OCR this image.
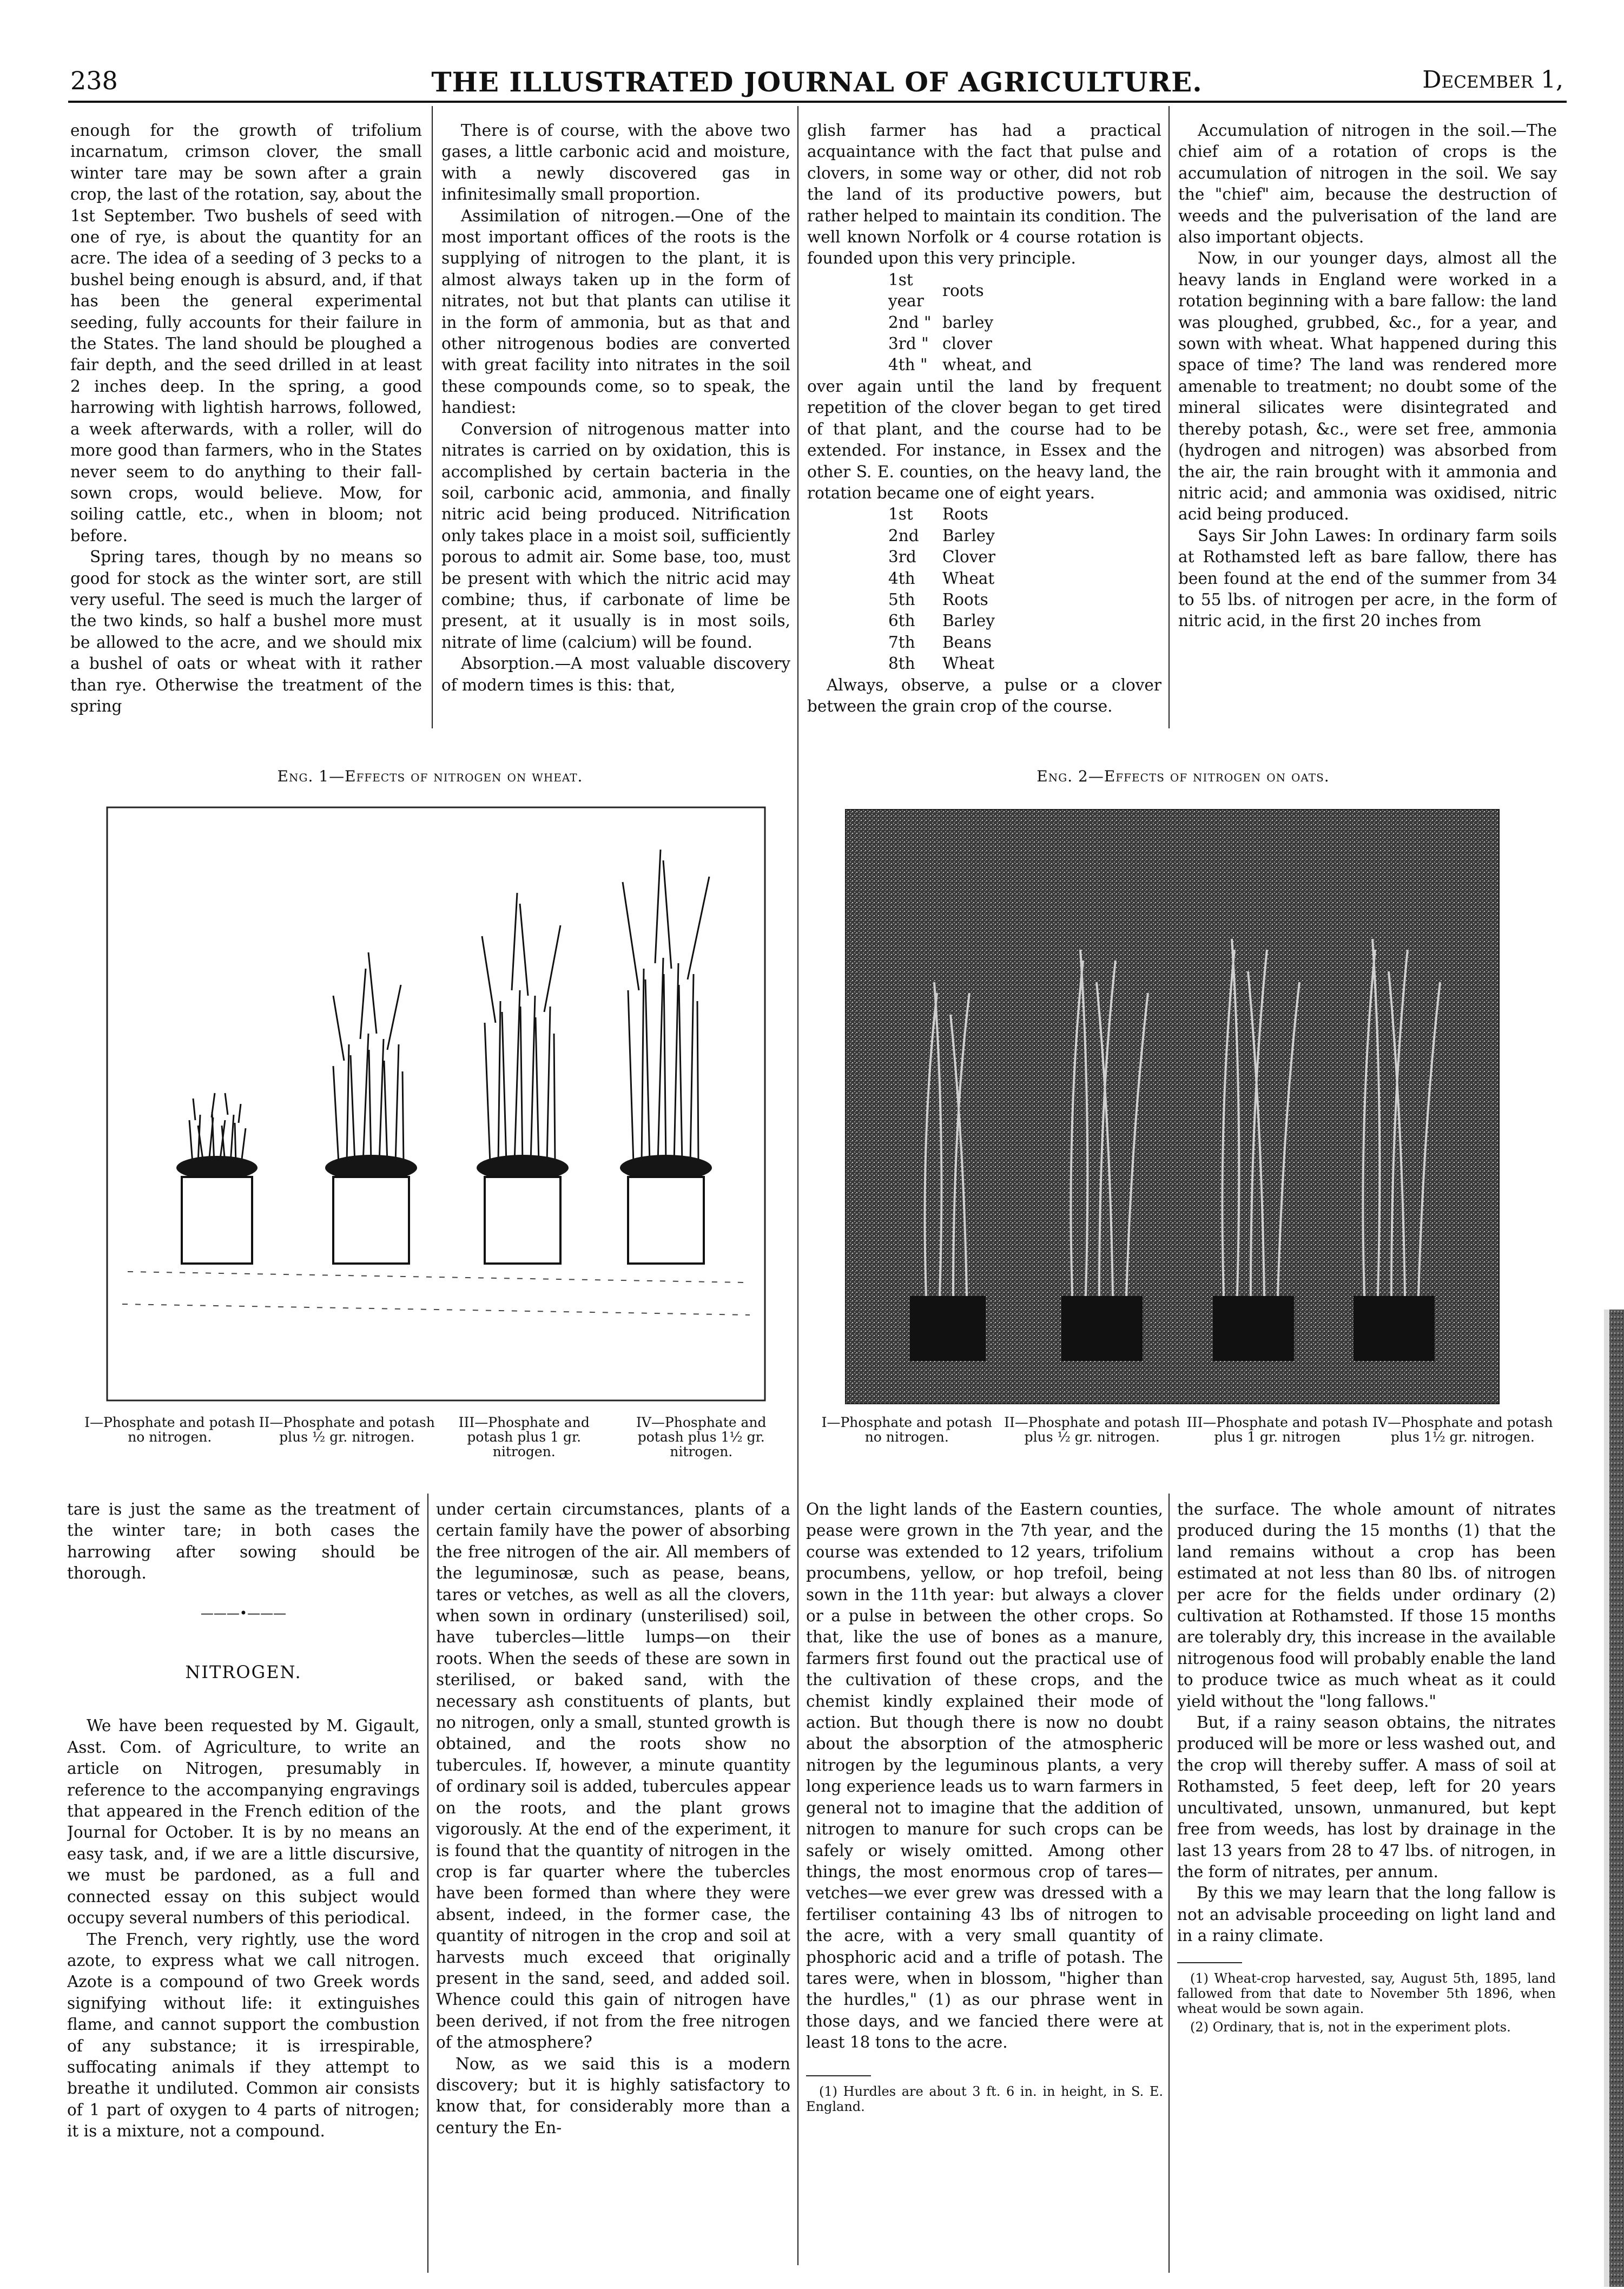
238	THE ILLUSTRATED JOURNAL OF AGRICULTURE.	December 1,

enough for the growth of trifolium incarnatum, crimson clover, the small winter tare may be sown after a grain crop, the last of the rotation, say, about the 1st September. Two bushels of seed with one of rye, is about the quantity for an acre. The idea of a seeding of 3 pecks to a bushel being enough is absurd, and, if that has been the general experimental seeding, fully accounts for their failure in the States. The land should be ploughed a fair depth, and the seed drilled in at least 2 inches deep. In the spring, a good harrowing with lightish harrows, followed, a week afterwards, with a roller, will do more good than farmers, who in the States never seem to do anything to their fall-sown crops, would believe. Mow, for soiling cattle, etc., when in bloom; not before.

Spring tares, though by no means so good for stock as the winter sort, are still very useful. The seed is much the larger of the two kinds, so half a bushel more must be allowed to the acre, and we should mix a bushel of oats or wheat with it rather than rye. Otherwise the treatment of the spring

There is of course, with the above two gases, a little carbonic acid and moisture, with a newly discovered gas in infinitesimally small proportion.

Assimilation of nitrogen.—One of the most important offices of the roots is the supplying of nitrogen to the plant, it is almost always taken up in the form of nitrates, not but that plants can utilise it in the form of ammonia, but as that and other nitrogenous bodies are converted with great facility into nitrates in the soil these compounds come, so to speak, the handiest:

Conversion of nitrogenous matter into nitrates is carried on by oxidation, this is accomplished by certain bacteria in the soil, carbonic acid, ammonia, and finally nitric acid being produced. Nitrification only takes place in a moist soil, sufficiently porous to admit air. Some base, too, must be present with which the nitric acid may combine; thus, if carbonate of lime be present, at it usually is in most soils, nitrate of lime (calcium) will be found.

Absorption.—A most valuable discovery of modern times is this: that,

glish farmer has had a practical acquaintance with the fact that pulse and clovers, in some way or other, did not rob the land of its productive powers, but rather helped to maintain its condition. The well known Norfolk or 4 course rotation is founded upon this very principle.

1st year	roots
2nd "	barley
3rd "	clover
4th "	wheat, and

over again until the land by frequent repetition of the clover began to get tired of that plant, and the course had to be extended. For instance, in Essex and the other S. E. counties, on the heavy land, the rotation became one of eight years.

1st	Roots
2nd	Barley
3rd	Clover
4th	Wheat
5th	Roots
6th	Barley
7th	Beans
8th	Wheat

Always, observe, a pulse or a clover between the grain crop of the course.

Accumulation of nitrogen in the soil.—The chief aim of a rotation of crops is the accumulation of nitrogen in the soil. We say the "chief" aim, because the destruction of weeds and the pulverisation of the land are also important objects.

Now, in our younger days, almost all the heavy lands in England were worked in a rotation beginning with a bare fallow: the land was ploughed, grubbed, &c., for a year, and sown with wheat. What happened during this space of time? The land was rendered more amenable to treatment; no doubt some of the mineral silicates were disintegrated and thereby potash, &c., were set free, ammonia (hydrogen and nitrogen) was absorbed from the air, the rain brought with it ammonia and nitric acid; and ammonia was oxidised, nitric acid being produced.

Says Sir John Lawes: In ordinary farm soils at Rothamsted left as bare fallow, there has been found at the end of the summer from 34 to 55 lbs. of nitrogen per acre, in the form of nitric acid, in the first 20 inches from

Eng. 1—Effects of nitrogen on wheat.	Eng. 2—Effects of nitrogen on oats.
I—Phosphate and potash no nitrogen.
II—Phosphate and potash plus ½ gr. nitrogen.
III—Phosphate and potash plus 1 gr. nitrogen.
IV—Phosphate and potash plus 1½ gr. nitrogen.
I—Phosphate and potash no nitrogen.
II—Phosphate and potash plus ½ gr. nitrogen.
III—Phosphate and potash plus 1 gr. nitrogen
IV—Phosphate and potash plus 1½ gr. nitrogen.

tare is just the same as the treatment of the winter tare; in both cases the harrowing after sowing should be thorough.

———•———
NITROGEN.

We have been requested by M. Gigault, Asst. Com. of Agriculture, to write an article on Nitrogen, presumably in reference to the accompanying engravings that appeared in the French edition of the Journal for October. It is by no means an easy task, and, if we are a little discursive, we must be pardoned, as a full and connected essay on this subject would occupy several numbers of this periodical.

The French, very rightly, use the word azote, to express what we call nitrogen. Azote is a compound of two Greek words signifying without life: it extinguishes flame, and cannot support the combustion of any substance; it is irrespirable, suffocating animals if they attempt to breathe it undiluted. Common air consists of 1 part of oxygen to 4 parts of nitrogen; it is a mixture, not a compound.

under certain circumstances, plants of a certain family have the power of absorbing the free nitrogen of the air. All members of the leguminosæ, such as pease, beans, tares or vetches, as well as all the clovers, when sown in ordinary (unsterilised) soil, have tubercles—little lumps—on their roots. When the seeds of these are sown in sterilised, or baked sand, with the necessary ash constituents of plants, but no nitrogen, only a small, stunted growth is obtained, and the roots show no tubercules. If, however, a minute quantity of ordinary soil is added, tubercules appear on the roots, and the plant grows vigorously. At the end of the experiment, it is found that the quantity of nitrogen in the crop is far quarter where the tubercles have been formed than where they were absent, indeed, in the former case, the quantity of nitrogen in the crop and soil at harvests much exceed that originally present in the sand, seed, and added soil. Whence could this gain of nitrogen have been derived, if not from the free nitrogen of the atmosphere?

Now, as we said this is a modern discovery; but it is highly satisfactory to know that, for considerably more than a century the En-

On the light lands of the Eastern counties, pease were grown in the 7th year, and the course was extended to 12 years, trifolium procumbens, yellow, or hop trefoil, being sown in the 11th year: but always a clover or a pulse in between the other crops. So that, like the use of bones as a manure, farmers first found out the practical use of the cultivation of these crops, and the chemist kindly explained their mode of action. But though there is now no doubt about the absorption of the atmospheric nitrogen by the leguminous plants, a very long experience leads us to warn farmers in general not to imagine that the addition of nitrogen to manure for such crops can be safely or wisely omitted. Among other things, the most enormous crop of tares—vetches—we ever grew was dressed with a fertiliser containing 43 lbs of nitrogen to the acre, with a very small quantity of phosphoric acid and a trifle of potash. The tares were, when in blossom, "higher than the hurdles," (1) as our phrase went in those days, and we fancied there were at least 18 tons to the acre.

(1) Hurdles are about 3 ft. 6 in. in height, in S. E. England.

the surface. The whole amount of nitrates produced during the 15 months (1) that the land remains without a crop has been estimated at not less than 80 lbs. of nitrogen per acre for the fields under ordinary (2) cultivation at Rothamsted. If those 15 months are tolerably dry, this increase in the available nitrogenous food will probably enable the land to produce twice as much wheat as it could yield without the "long fallows."

But, if a rainy season obtains, the nitrates produced will be more or less washed out, and the crop will thereby suffer. A mass of soil at Rothamsted, 5 feet deep, left for 20 years uncultivated, unsown, unmanured, but kept free from weeds, has lost by drainage in the last 13 years from 28 to 47 lbs. of nitrogen, in the form of nitrates, per annum.

By this we may learn that the long fallow is not an advisable proceeding on light land and in a rainy climate.

(1) Wheat-crop harvested, say, August 5th, 1895, land fallowed from that date to November 5th 1896, when wheat would be sown again.

(2) Ordinary, that is, not in the experiment plots.
